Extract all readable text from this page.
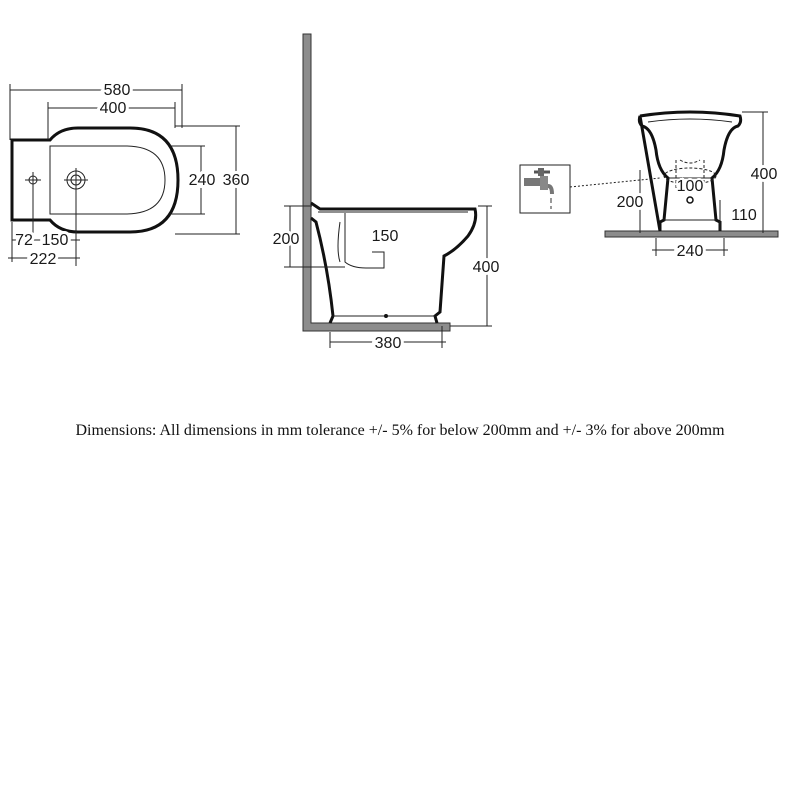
580
400
240 360
72 150
222
200	150
400
380
400
200
100
110
240
Dimensions: All dimensions in mm tolerance +/- 5% for below 200mm and +/- 3% for above 200mm
